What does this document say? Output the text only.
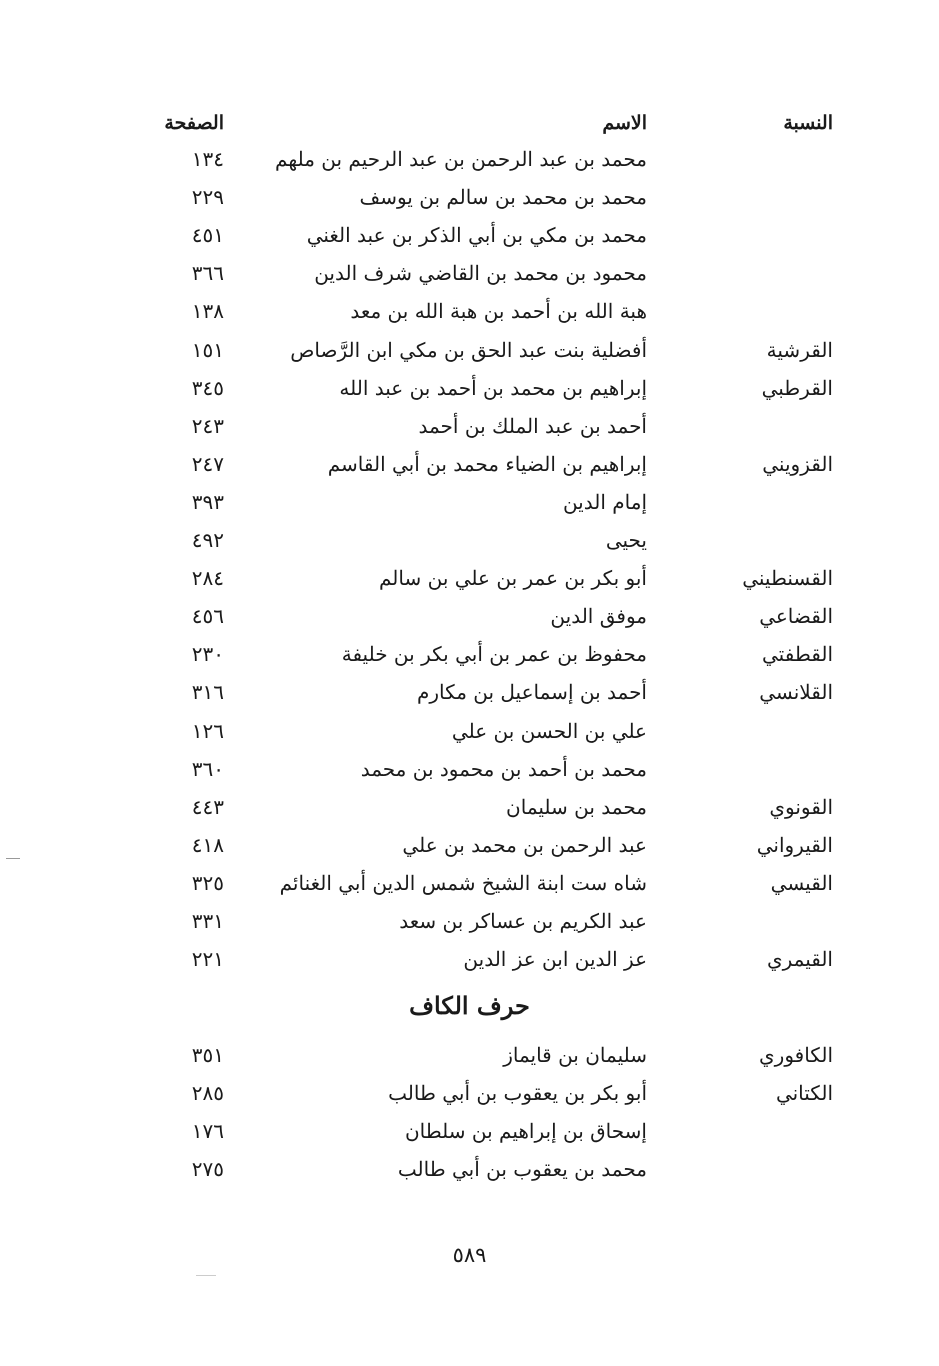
النسبة
الاسم
الصفحة
محمد بن عبد الرحمن بن عبد الرحيم بن ملهم
١٣٤
محمد بن محمد بن سالم بن يوسف
٢٢٩
محمد بن مكي بن أبي الذكر بن عبد الغني
٤٥١
محمود بن محمد بن القاضي شرف الدين
٣٦٦
هبة الله بن أحمد بن هبة الله بن معد
١٣٨
القرشية
أفضلية بنت عبد الحق بن مكي ابن الرَّصاص
١٥١
القرطبي
إبراهيم بن محمد بن أحمد بن عبد الله
٣٤٥
أحمد بن عبد الملك بن أحمد
٢٤٣
القزويني
إبراهيم بن الضياء محمد بن أبي القاسم
٢٤٧
إمام الدين
٣٩٣
يحيى
٤٩٢
القسنطيني
أبو بكر بن عمر بن علي بن سالم
٢٨٤
القضاعي
موفق الدين
٤٥٦
القطفتي
محفوظ بن عمر بن أبي بكر بن خليفة
٢٣٠
القلانسي
أحمد بن إسماعيل بن مكارم
٣١٦
علي بن الحسن بن علي
١٢٦
محمد بن أحمد بن محمود بن محمد
٣٦٠
القونوي
محمد بن سليمان
٤٤٣
القيرواني
عبد الرحمن بن محمد بن علي
٤١٨
القيسي
شاه ست ابنة الشيخ شمس الدين أبي الغنائم
٣٢٥
عبد الكريم بن عساكر بن سعد
٣٣١
القيمري
عز الدين ابن عز الدين
٢٢١
حرف الكاف
الكافوري
سليمان بن قايماز
٣٥١
الكتاني
أبو بكر بن يعقوب بن أبي طالب
٢٨٥
إسحاق بن إبراهيم بن سلطان
١٧٦
محمد بن يعقوب بن أبي طالب
٢٧٥
٥٨٩
